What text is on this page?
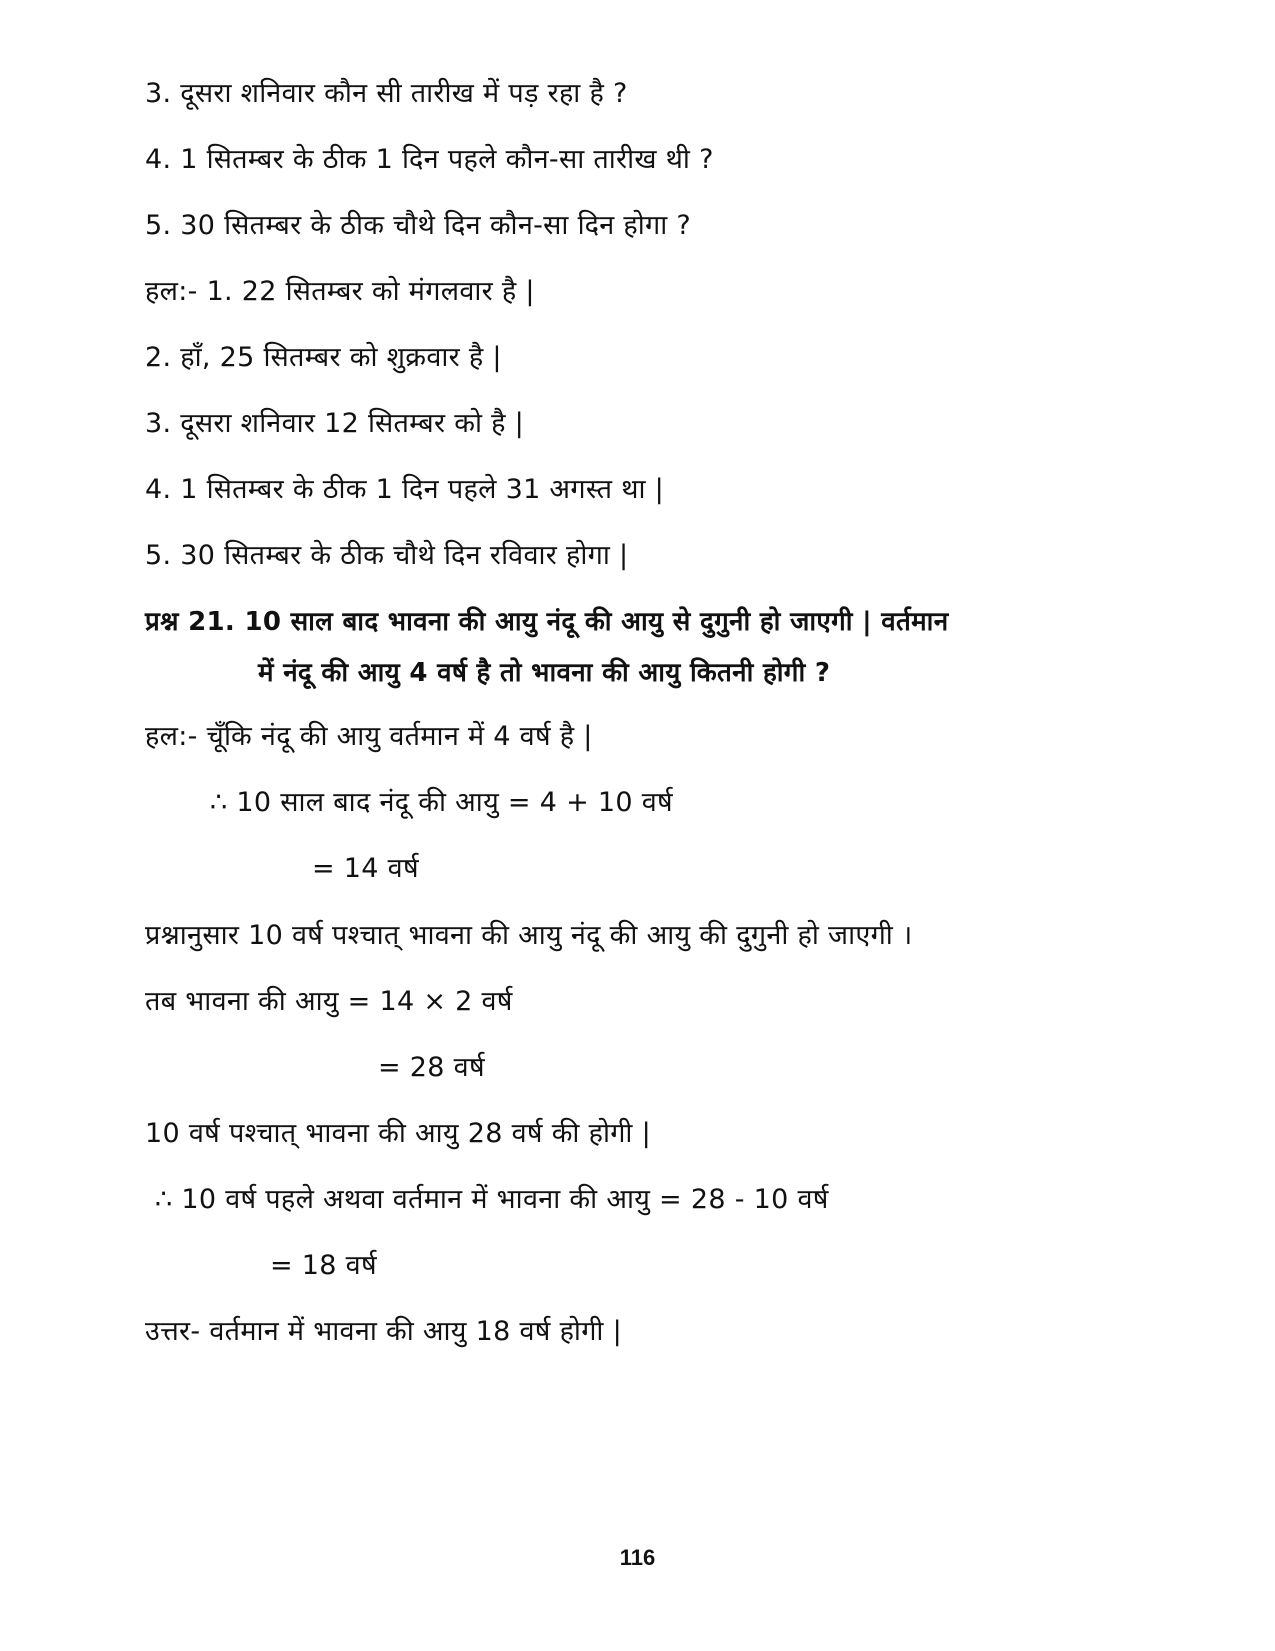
3. दूसरा शनिवार कौन सी तारीख में पड़ रहा है ?
4. 1 सितम्बर के ठीक 1 दिन पहले कौन-सा तारीख थी ?
5. 30 सितम्बर के ठीक चौथे दिन कौन-सा दिन होगा ?
हल:- 1. 22 सितम्बर को मंगलवार है |
2. हाँ, 25 सितम्बर को शुक्रवार है |
3. दूसरा शनिवार 12 सितम्बर को है |
4. 1 सितम्बर के ठीक 1 दिन पहले 31 अगस्त था |
5. 30 सितम्बर के ठीक चौथे दिन रविवार होगा |
प्रश्न 21. 10 साल बाद भावना की आयु नंदू की आयु से दुगुनी हो जाएगी | वर्तमान
में नंदू की आयु 4 वर्ष है तो भावना की आयु कितनी होगी ?
हल:- चूँकि नंदू की आयु वर्तमान में 4 वर्ष है |
∴ 10 साल बाद नंदू की आयु = 4 + 10 वर्ष
= 14 वर्ष
प्रश्नानुसार 10 वर्ष पश्चात् भावना की आयु नंदू की आयु की दुगुनी हो जाएगी ।
तब भावना की आयु = 14 × 2 वर्ष
= 28 वर्ष
10 वर्ष पश्चात् भावना की आयु 28 वर्ष की होगी |
∴ 10 वर्ष पहले अथवा वर्तमान में भावना की आयु = 28 - 10 वर्ष
= 18 वर्ष
उत्तर- वर्तमान में भावना की आयु 18 वर्ष होगी |
116
